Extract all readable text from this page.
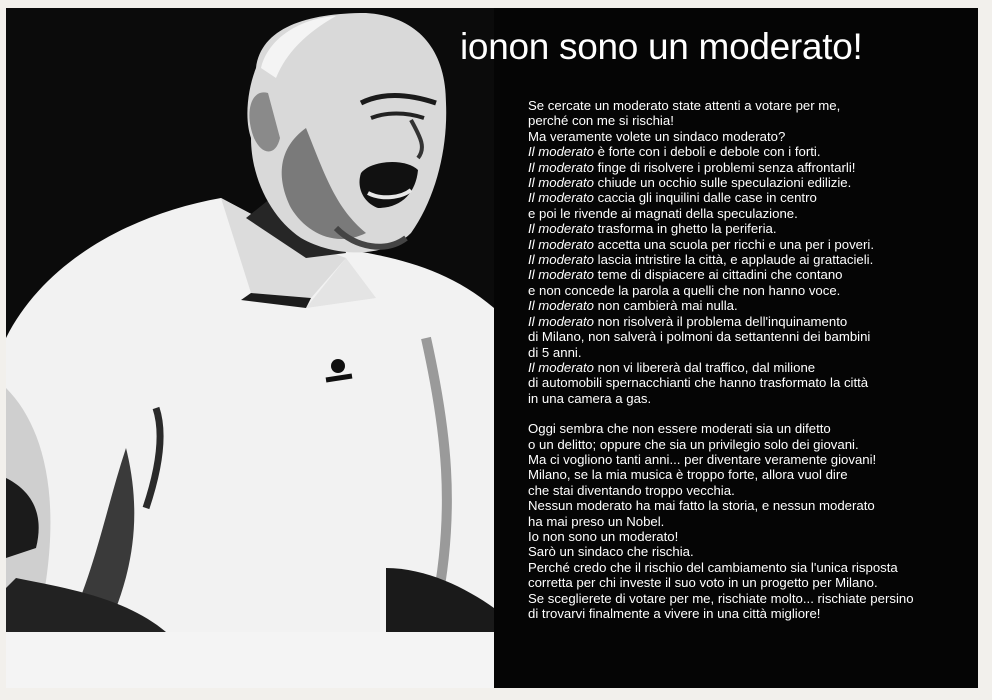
ionon sono un moderato!
Se cercate un moderato state attenti a votare per me,
perché con me si rischia!
Ma veramente volete un sindaco moderato?
Il moderato è forte con i deboli e debole con i forti.
Il moderato finge di risolvere i problemi senza affrontarli!
Il moderato chiude un occhio sulle speculazioni edilizie.
Il moderato caccia gli inquilini dalle case in centro
e poi le rivende ai magnati della speculazione.
Il moderato trasforma in ghetto la periferia.
Il moderato accetta una scuola per ricchi e una per i poveri.
Il moderato lascia intristire la città, e applaude ai grattacieli.
Il moderato teme di dispiacere ai cittadini che contano
e non concede la parola a quelli che non hanno voce.
Il moderato non cambierà mai nulla.
Il moderato non risolverà il problema dell'inquinamento
di Milano, non salverà i polmoni da settantenni dei bambini
di 5 anni.
Il moderato non vi libererà dal traffico, dal milione
di automobili spernacchianti che hanno trasformato la città
in una camera a gas.
Oggi sembra che non essere moderati sia un difetto
o un delitto; oppure che sia un privilegio solo dei giovani.
Ma ci vogliono tanti anni... per diventare veramente giovani!
Milano, se la mia musica è troppo forte, allora vuol dire
che stai diventando troppo vecchia.
Nessun moderato ha mai fatto la storia, e nessun moderato
ha mai preso un Nobel.
Io non sono un moderato!
Sarò un sindaco che rischia.
Perché credo che il rischio del cambiamento sia l'unica risposta
corretta per chi investe il suo voto in un progetto per Milano.
Se sceglierete di votare per me, rischiate molto... rischiate persino
di trovarvi finalmente a vivere in una città migliore!
